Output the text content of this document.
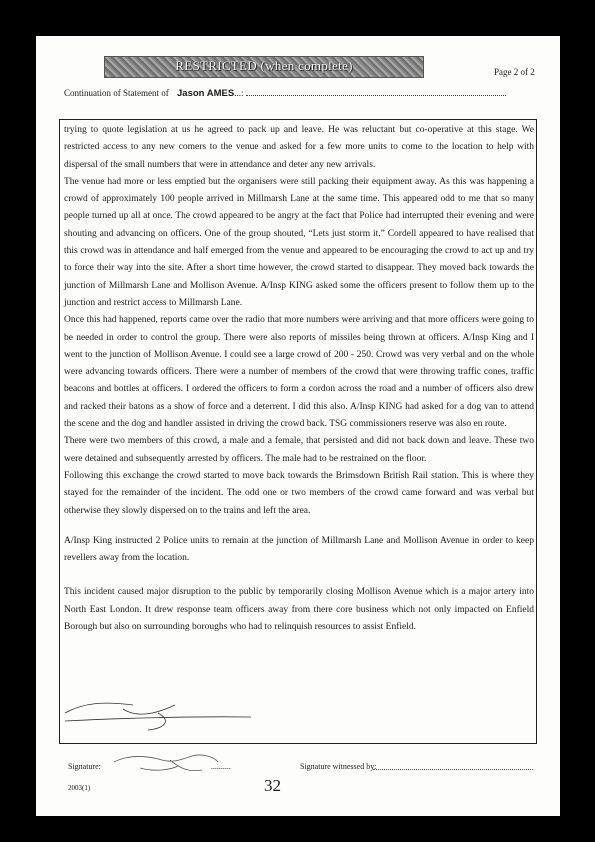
RESTRICTED (when complete)	Page 2 of 2
Continuation of Statement of Jason AMES...:

trying to quote legislation at us he agreed to pack up and leave. He was reluctant but co-operative at this stage. We restricted access to any new comers to the venue and asked for a few more units to come to the location to help with dispersal of the small numbers that were in attendance and deter any new arrivals.

The venue had more or less emptied but the organisers were still packing their equipment away. As this was happening a crowd of approximately 100 people arrived in Millmarsh Lane at the same time. This appeared odd to me that so many people turned up all at once. The crowd appeared to be angry at the fact that Police had interrupted their evening and were shouting and advancing on officers. One of the group shouted, “Lets just storm it.” Cordell appeared to have realised that this crowd was in attendance and half emerged from the venue and appeared to be encouraging the crowd to act up and try to force their way into the site. After a short time however, the crowd started to disappear. They moved back towards the junction of Millmarsh Lane and Mollison Avenue. A/Insp KING asked some the officers present to follow them up to the junction and restrict access to Millmarsh Lane.

Once this had happened, reports came over the radio that more numbers were arriving and that more officers were going to be needed in order to control the group. There were also reports of missiles being thrown at officers. A/Insp King and I went to the junction of Mollison Avenue. I could see a large crowd of 200 - 250. Crowd was very verbal and on the whole were advancing towards officers. There were a number of members of the crowd that were throwing traffic cones, traffic beacons and bottles at officers. I ordered the officers to form a cordon across the road and a number of officers also drew and racked their batons as a show of force and a deterrent. I did this also. A/Insp KING had asked for a dog van to attend the scene and the dog and handler assisted in driving the crowd back. TSG commissioners reserve was also en route.

There were two members of this crowd, a male and a female, that persisted and did not back down and leave. These two were detained and subsequently arrested by officers. The male had to be restrained on the floor.

Following this exchange the crowd started to move back towards the Brimsdown British Rail station. This is where they stayed for the remainder of the incident. The odd one or two members of the crowd came forward and was verbal but otherwise they slowly dispersed on to the trains and left the area.

A/Insp King instructed 2 Police units to remain at the junction of Millmarsh Lane and Mollison Avenue in order to keep revellers away from the location.

This incident caused major disruption to the public by temporarily closing Mollison Avenue which is a major artery into North East London. It drew response team officers away from there core business which not only impacted on Enfield Borough but also on surrounding boroughs who had to relinquish resources to assist Enfield.

Signature:	..........	Signature witnessed by:
2003(1)	32
